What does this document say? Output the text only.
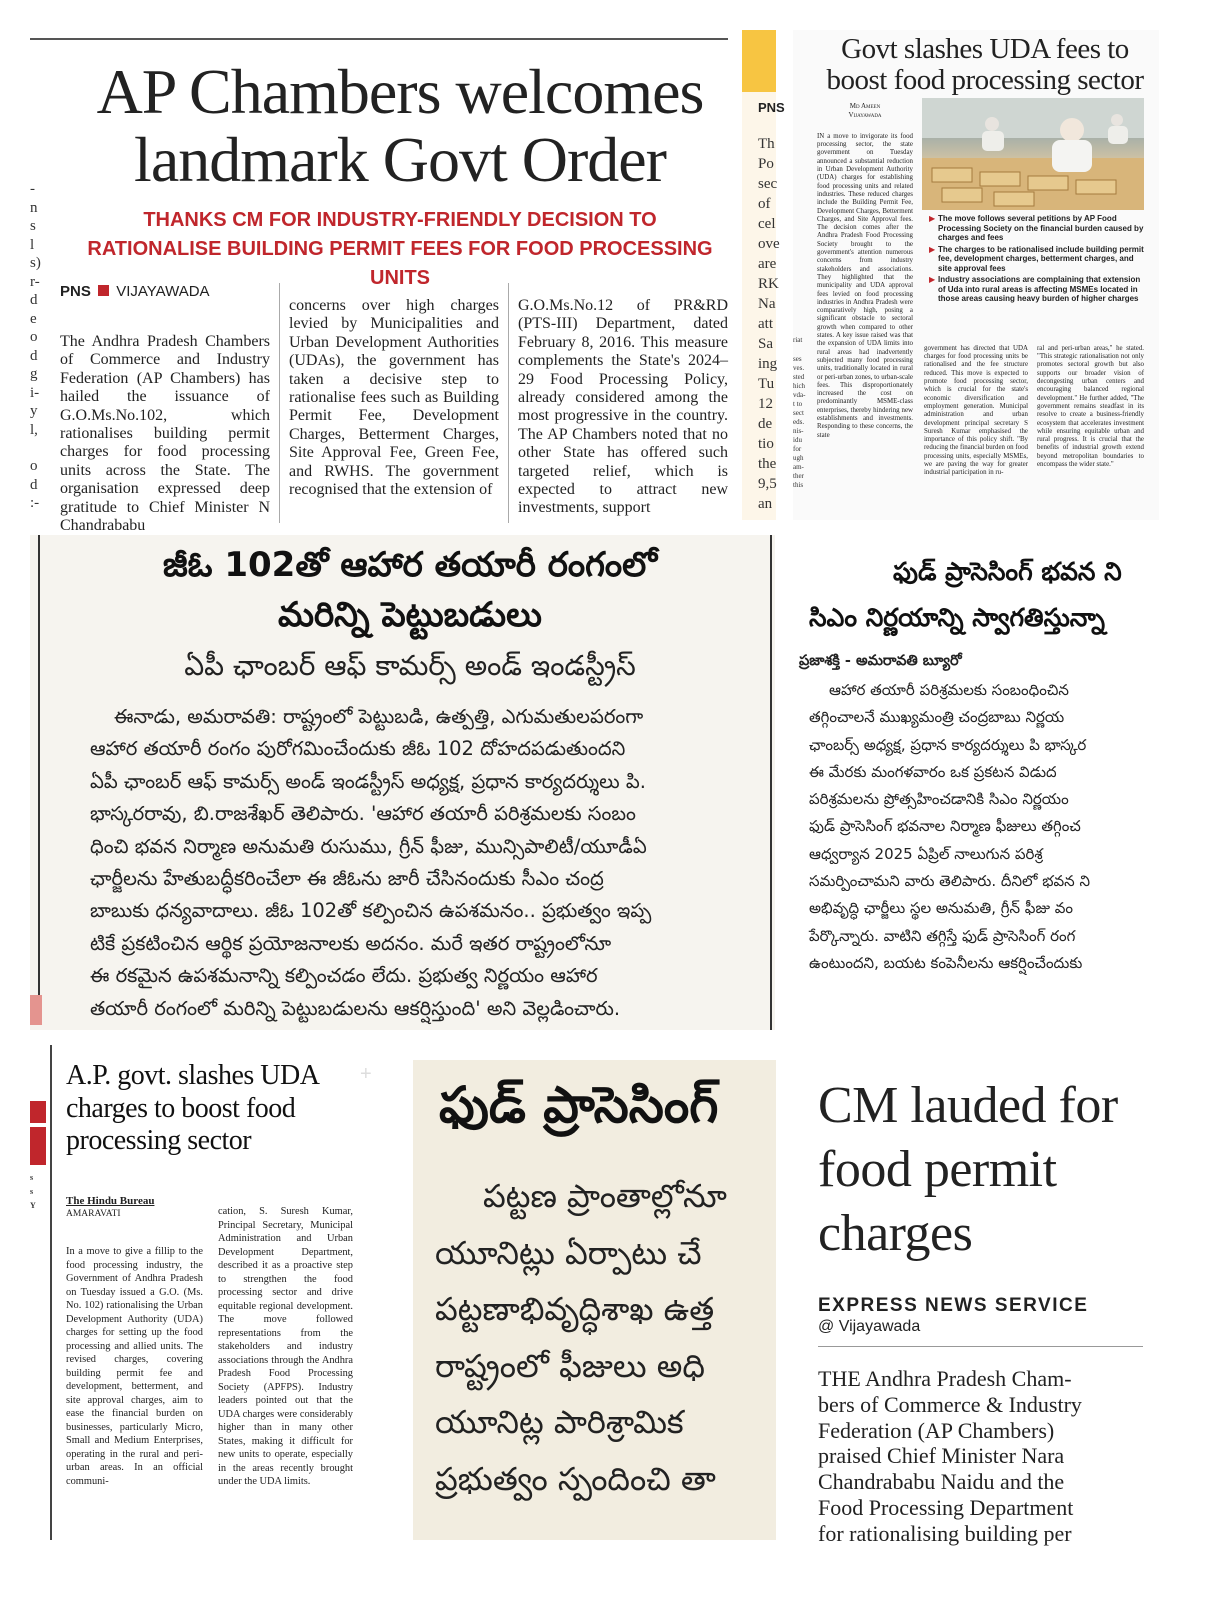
-
n
s
l
s)
r-
d
e
o
d
g
i-
y
l,
o
d
:-
AP Chambers welcomes landmark Govt Order
THANKS CM FOR INDUSTRY-FRIENDLY DECISION TO RATIONALISE BUILDING PERMIT FEES FOR FOOD PROCESSING UNITS
PNS VIJAYAWADA

The Andhra Pradesh Chambers of Commerce and Industry Federation (AP Chambers) has hailed the issuance of G.O.Ms.No.102, which rationalises building permit charges for food processing units across the State. The organisation expressed deep gratitude to Chief Minister N Chandrababu

concerns over high charges levied by Municipalities and Urban Development Authorities (UDAs), the government has taken a decisive step to rationalise fees such as Building Permit Fee, Development Charges, Betterment Charges, Site Approval Fee, Green Fee, and RWHS. The government recognised that the extension of

G.O.Ms.No.12 of PR&RD (PTS-III) Department, dated February 8, 2016. This measure complements the State's 2024–29 Food Processing Policy, already considered among the most progressive in the country. The AP Chambers noted that no other State has offered such targeted relief, which is expected to attract new investments, support

PNS
Th
Po
sec
of
cel
ove
are
RK
Na
att
Sa
ing
Tu
12
de
tio
the
9,5
an
riat
ses
ves.
sted
hich
vda-
t to
sect
eds.
nis-
idu
for
ugh
am-
ther
this
Govt slashes UDA fees to boost food processing sector
Md Ameen
Vijayawada

IN a move to invigorate its food processing sector, the state government on Tuesday announced a substantial reduction in Urban Development Authority (UDA) charges for establishing food processing units and related industries. These reduced charges include the Building Permit Fee, Development Charges, Betterment Charges, and Site Approval fees. The decision comes after the Andhra Pradesh Food Processing Society brought to the government's attention numerous concerns from industry stakeholders and associations. They highlighted that the municipality and UDA approval fees levied on food processing industries in Andhra Pradesh were comparatively high, posing a significant obstacle to sectoral growth when compared to other states. A key issue raised was that the expansion of UDA limits into rural areas had inadvertently subjected many food processing units, traditionally located in rural or peri-urban zones, to urban-scale fees. This disproportionately increased the cost on predominantly MSME-class enterprises, thereby hindering new establishments and investments. Responding to these concerns, the state

▶ The move follows several petitions by AP Food Processing Society on the financial burden caused by charges and fees
▶ The charges to be rationalised include building permit fee, development charges, betterment charges, and site approval fees
▶ Industry associations are complaining that extension of Uda into rural areas is affecting MSMEs located in those areas causing heavy burden of higher charges

government has directed that UDA charges for food processing units be rationalised and the fee structure reduced. This move is expected to promote food processing sector, which is crucial for the state's economic diversification and employment generation. Municipal administration and urban development principal secretary S Suresh Kumar emphasised the importance of this policy shift. "By reducing the financial burden on food processing units, especially MSMEs, we are paving the way for greater industrial participation in ru-

ral and peri-urban areas," he stated. "This strategic rationalisation not only promotes sectoral growth but also supports our broader vision of decongesting urban centers and encouraging balanced regional development." He further added, "The government remains steadfast in its resolve to create a business-friendly ecosystem that accelerates investment while ensuring equitable urban and rural progress. It is crucial that the benefits of industrial growth extend beyond metropolitan boundaries to encompass the wider state."

జీఓ 102తో ఆహార తయారీ రంగంలో
మరిన్ని పెట్టుబడులు
ఏపీ ఛాంబర్ ఆఫ్ కామర్స్ అండ్ ఇండస్ట్రీస్
ఈనాడు, అమరావతి: రాష్ట్రంలో పెట్టుబడి, ఉత్పత్తి, ఎగుమతులపరంగా
ఆహార తయారీ రంగం పురోగమించేందుకు జీఓ 102 దోహదపడుతుందని
ఏపీ ఛాంబర్ ఆఫ్ కామర్స్ అండ్ ఇండస్ట్రీస్ అధ్యక్ష, ప్రధాన కార్యదర్శులు పి.
భాస్కరరావు, బి.రాజశేఖర్ తెలిపారు. 'ఆహార తయారీ పరిశ్రమలకు సంబం
ధించి భవన నిర్మాణ అనుమతి రుసుము, గ్రీన్ ఫీజు, మున్సిపాలిటీ/యూడీఏ
ఛార్జీలను హేతుబద్ధీకరించేలా ఈ జీఓను జారీ చేసినందుకు సీఎం చంద్ర
బాబుకు ధన్యవాదాలు. జీఓ 102తో కల్పించిన ఉపశమనం.. ప్రభుత్వం ఇప్ప
టికే ప్రకటించిన ఆర్థిక ప్రయోజనాలకు అదనం. మరే ఇతర రాష్ట్రంలోనూ
ఈ రకమైన ఉపశమనాన్ని కల్పించడం లేదు. ప్రభుత్వ నిర్ణయం ఆహార
తయారీ రంగంలో మరిన్ని పెట్టుబడులను ఆకర్షిస్తుంది' అని వెల్లడించారు.
ఫుడ్ ప్రాసెసింగ్ భవన ని
సిఎం నిర్ణయాన్ని స్వాగతిస్తున్నా
ప్రజాశక్తి - అమరావతి బ్యూరో
ఆహార తయారీ పరిశ్రమలకు సంబంధించిన
తగ్గించాలనే ముఖ్యమంత్రి చంద్రబాబు నిర్ణయ
ఛాంబర్స్ అధ్యక్ష, ప్రధాన కార్యదర్శులు పి భాస్కర
ఈ మేరకు మంగళవారం ఒక ప్రకటన విడుద
పరిశ్రమలను ప్రోత్సహించడానికి సిఎం నిర్ణయం
ఫుడ్ ప్రాసెసింగ్ భవనాల నిర్మాణ ఫీజులు తగ్గించ
ఆధ్వర్యాన 2025 ఏప్రిల్ నాలుగున పరిశ్ర
సమర్పించామని వారు తెలిపారు. దీనిలో భవన ని
అభివృద్ధి ఛార్జీలు స్థల అనుమతి, గ్రీన్ ఫీజు వం
పేర్కొన్నారు. వాటిని తగ్గిస్తే ఫుడ్ ప్రాసెసింగ్ రంగ
ఉంటుందని, బయట కంపెనీలను ఆకర్షించేందుకు
s
s
Y
+
A.P. govt. slashes UDA charges to boost food processing sector
The Hindu Bureau
AMARAVATI

In a move to give a fillip to the food processing industry, the Government of Andhra Pradesh on Tuesday issued a G.O. (Ms. No. 102) rationalising the Urban Development Authority (UDA) charges for setting up the food processing and allied units. The revised charges, covering building permit fee and development, betterment, and site approval charges, aim to ease the financial burden on businesses, particularly Micro, Small and Medium Enterprises, operating in the rural and peri-urban areas. In an official communi-

cation, S. Suresh Kumar, Principal Secretary, Municipal Administration and Urban Development Department, described it as a proactive step to strengthen the food processing sector and drive equitable regional development. The move followed representations from the stakeholders and industry associations through the Andhra Pradesh Food Processing Society (APFPS). Industry leaders pointed out that the UDA charges were considerably higher than in many other States, making it difficult for new units to operate, especially in the areas recently brought under the UDA limits.

ఫుడ్ ప్రాసెసింగ్
పట్టణ ప్రాంతాల్లోనూ
యూనిట్లు ఏర్పాటు చే
పట్టణాభివృద్ధిశాఖ ఉత్త
రాష్ట్రంలో ఫీజులు అధి
యూనిట్ల పారిశ్రామిక
ప్రభుత్వం స్పందించి తా
CM lauded for
food permit
charges
EXPRESS NEWS SERVICE
@ Vijayawada
THE Andhra Pradesh Cham-
bers of Commerce & Industry
Federation (AP Chambers)
praised Chief Minister Nara
Chandrababu Naidu and the
Food Processing Department
for rationalising building per
